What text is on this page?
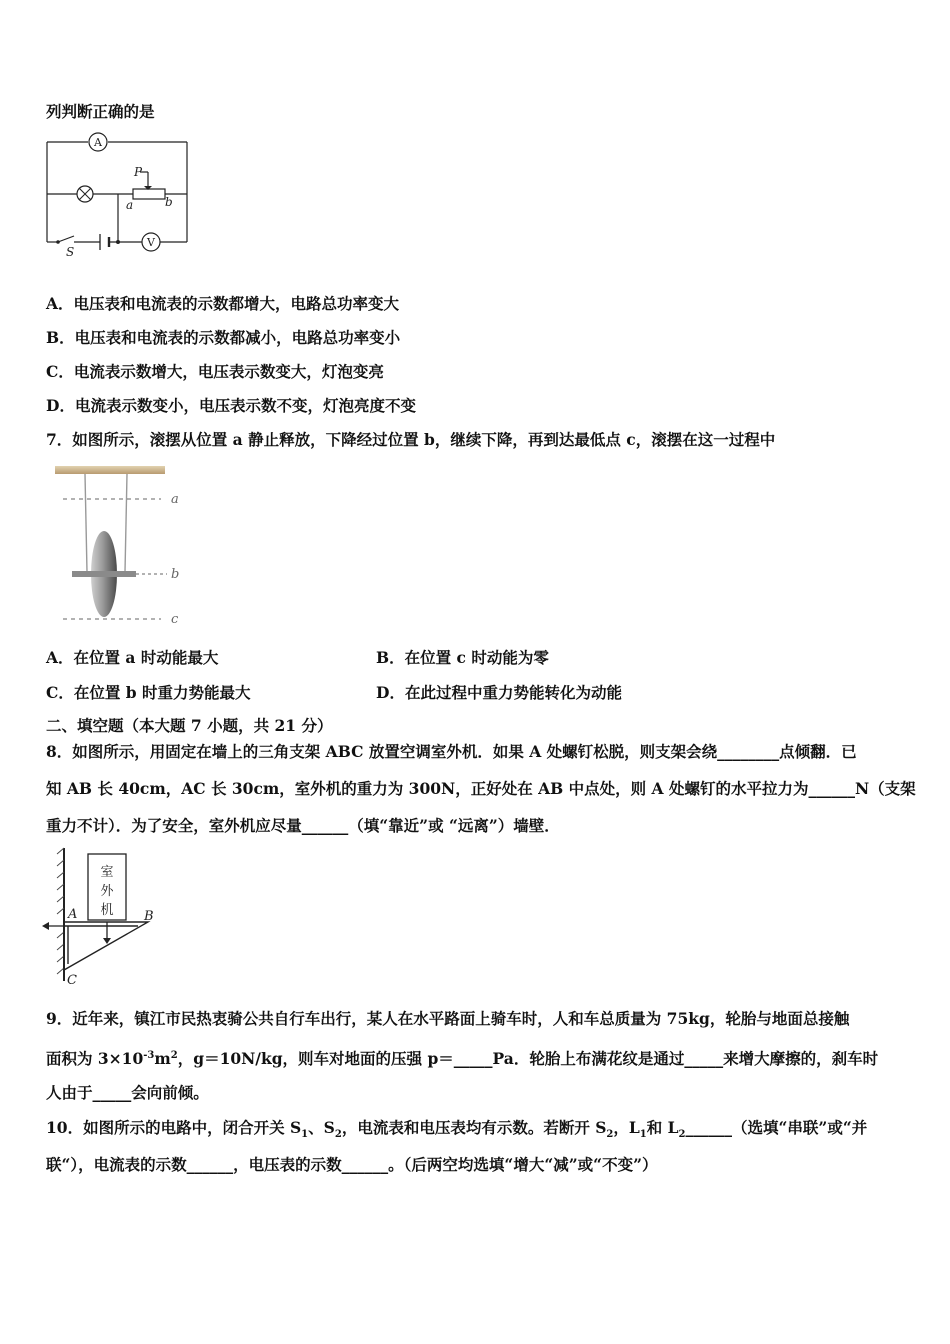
列判断正确的是
A
P
a	b
S
V
A．电压表和电流表的示数都增大，电路总功率变大
B．电压表和电流表的示数都减小，电路总功率变小
C．电流表示数增大，电压表示数变大，灯泡变亮
D．电流表示数变小，电压表示数不变，灯泡亮度不变
7．如图所示，滚摆从位置 a 静止释放，下降经过位置 b，继续下降，再到达最低点 c，滚摆在这一过程中
a
b
c
A．在位置 a 时动能最大	B．在位置 c 时动能为零
C．在位置 b 时重力势能最大	D．在此过程中重力势能转化为动能
二、填空题（本大题 7 小题，共 21 分）
8．如图所示，用固定在墙上的三角支架 ABC 放置空调室外机．如果 A 处螺钉松脱，则支架会绕________点倾翻．已
知 AB 长 40cm，AC 长 30cm，室外机的重力为 300N，正好处在 AB 中点处，则 A 处螺钉的水平拉力为______N（支架
重力不计）．为了安全，室外机应尽量______（填“靠近”或 “远离”）墙壁．
室
外
机
A	B
C
9．近年来，镇江市民热衷骑公共自行车出行，某人在水平路面上骑车时，人和车总质量为 75kg，轮胎与地面总接触
面积为 $3\times 10^{-3}m^2$，g＝10N/kg，则车对地面的压强 p＝_____Pa．轮胎上布满花纹是通过_____来增大摩擦的，刹车时
人由于_____会向前倾。
10．如图所示的电路中，闭合开关 $S_1$、$S_2$，电流表和电压表均有示数。若断开 $S_2$，$L_1$和 $L_2\_\_\_\_\_\_$（选填“串联”或“并
联“），电流表的示数______，电压表的示数______。（后两空均选填“增大“减”或“不变”）
